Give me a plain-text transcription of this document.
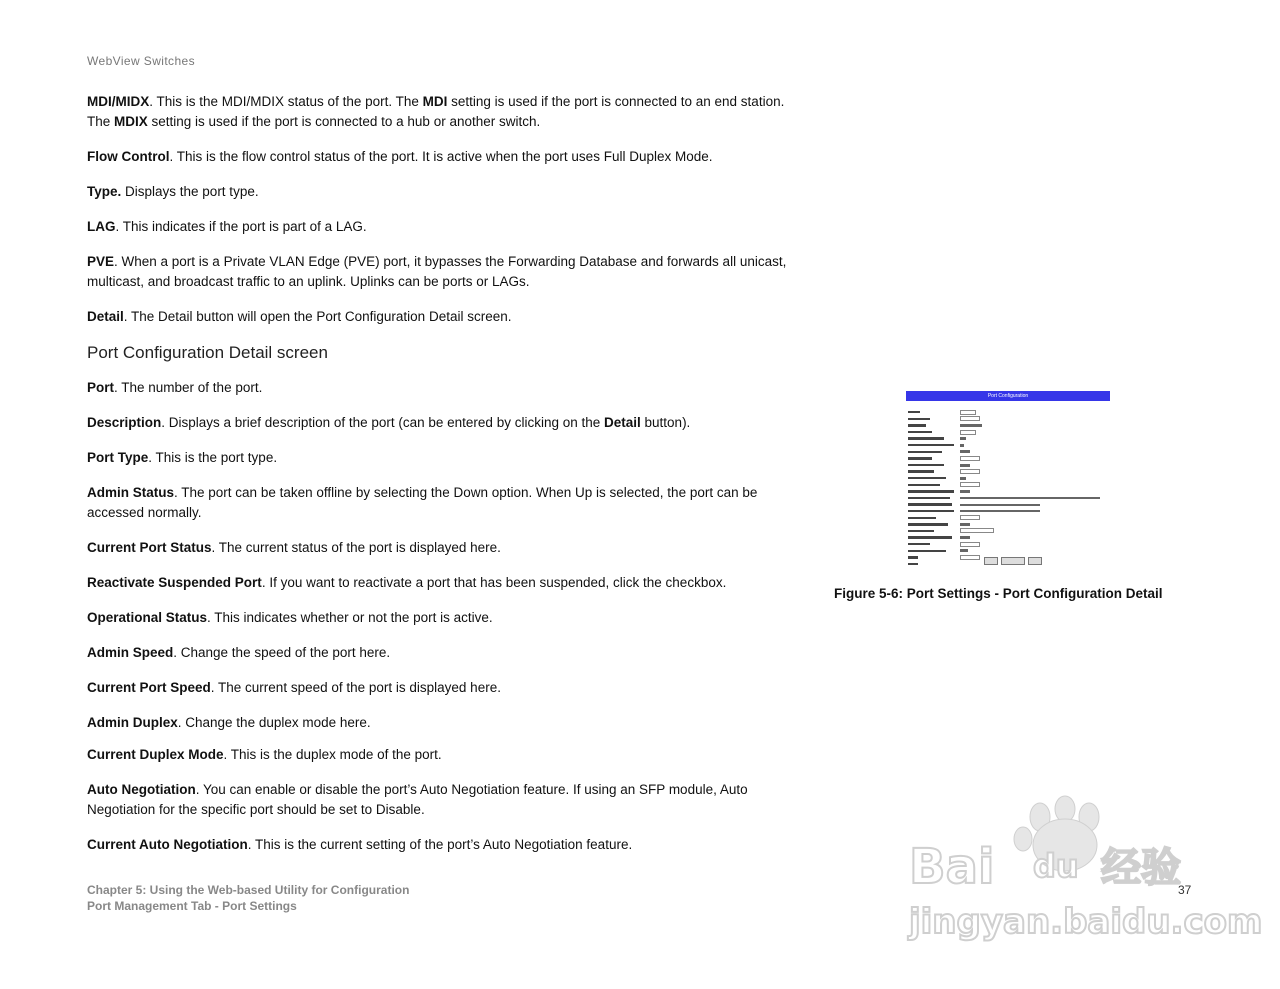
WebView Switches

MDI/MIDX. This is the MDI/MDIX status of the port. The MDI setting is used if the port is connected to an end station. The MDIX setting is used if the port is connected to a hub or another switch.

Flow Control. This is the flow control status of the port. It is active when the port uses Full Duplex Mode.

Type. Displays the port type.

LAG. This indicates if the port is part of a LAG.

PVE. When a port is a Private VLAN Edge (PVE) port, it bypasses the Forwarding Database and forwards all unicast, multicast, and broadcast traffic to an uplink. Uplinks can be ports or LAGs.

Detail. The Detail button will open the Port Configuration Detail screen.

Port Configuration Detail screen

Port. The number of the port.

Description. Displays a brief description of the port (can be entered by clicking on the Detail button).

Port Type. This is the port type.

Admin Status. The port can be taken offline by selecting the Down option. When Up is selected, the port can be accessed normally.

Current Port Status. The current status of the port is displayed here.

Reactivate Suspended Port. If you want to reactivate a port that has been suspended, click the checkbox.

Operational Status. This indicates whether or not the port is active.

Admin Speed. Change the speed of the port here.

Current Port Speed. The current speed of the port is displayed here.

Admin Duplex. Change the duplex mode here.

Current Duplex Mode. This is the duplex mode of the port.

Auto Negotiation. You can enable or disable the port’s Auto Negotiation feature. If using an SFP module, Auto Negotiation for the specific port should be set to Disable.

Current Auto Negotiation. This is the current setting of the port’s Auto Negotiation feature.

Port Configuration
Figure 5-6: Port Settings - Port Configuration Detail
Chapter 5: Using the Web-based Utility for Configuration
Port Management Tab - Port Settings
37
Bai du 经验
jingyan.baidu.com
